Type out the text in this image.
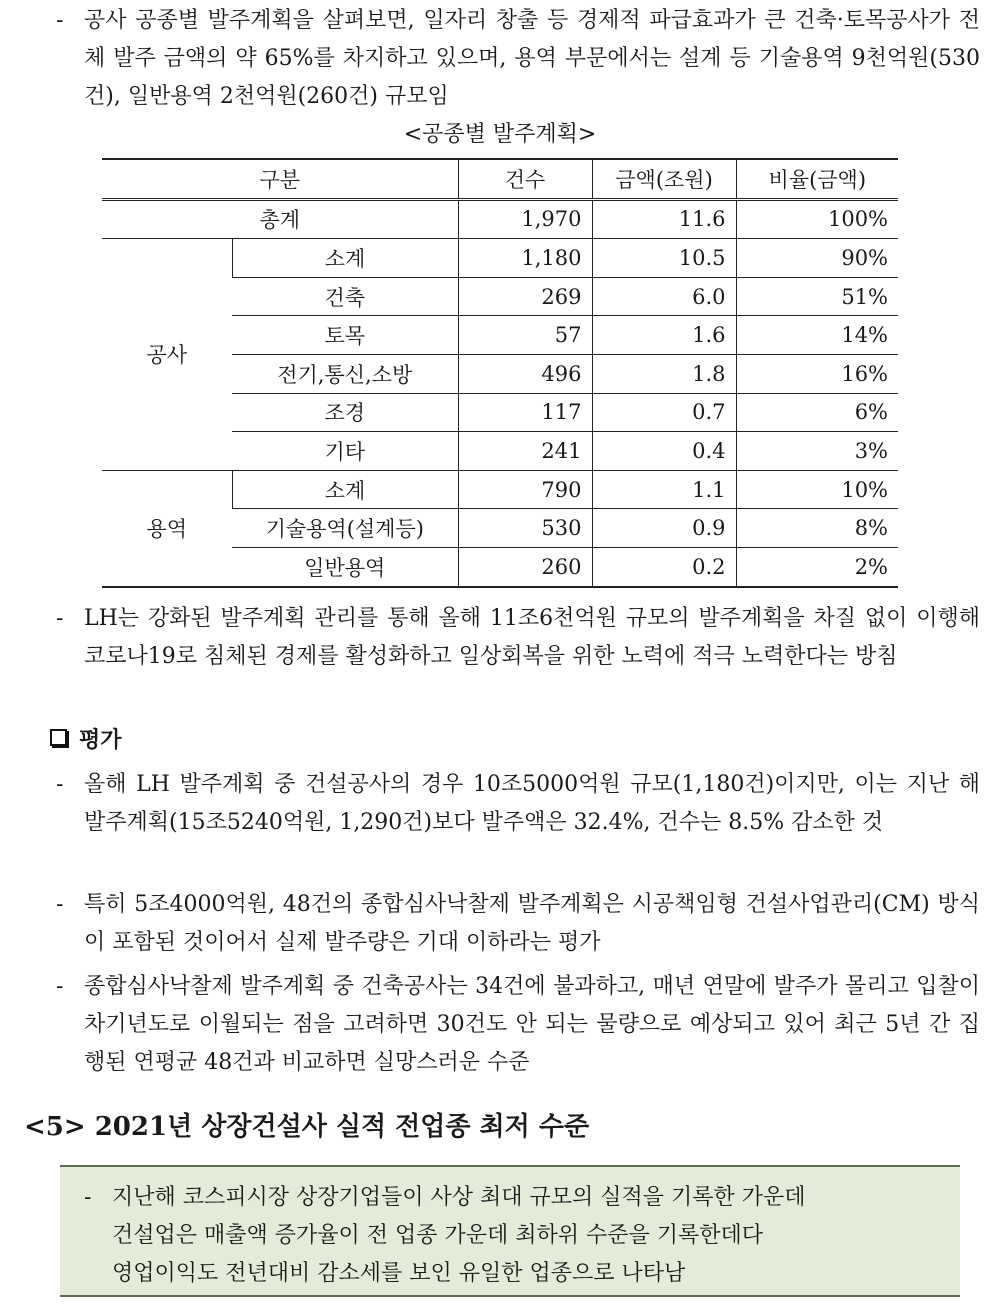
- 공사 공종별 발주계획을 살펴보면, 일자리 창출 등 경제적 파급효과가 큰 건축·토목공사가 전체 발주 금액의 약 65%를 차지하고 있으며, 용역 부문에서는 설계 등 기술용역 9천억원(530건), 일반용역 2천억원(260건) 규모임
<공종별 발주계획>
구분		건수	금액(조원)	비율(금액)
총계		1,970	11.6	100%
공사	소계	1,180	10.5	90%
	건축	269	6.0	51%
	토목	57	1.6	14%
	전기,통신,소방	496	1.8	16%
	조경	117	0.7	6%
	기타	241	0.4	3%
용역	소계	790	1.1	10%
	기술용역(설계등)	530	0.9	8%
	일반용역	260	0.2	2%
- LH는 강화된 발주계획 관리를 통해 올해 11조6천억원 규모의 발주계획을 차질 없이 이행해 코로나19로 침체된 경제를 활성화하고 일상회복을 위한 노력에 적극 노력한다는 방침
평가
- 올해 LH 발주계획 중 건설공사의 경우 10조5000억원 규모(1,180건)이지만, 이는 지난 해 발주계획(15조5240억원, 1,290건)보다 발주액은 32.4%, 건수는 8.5% 감소한 것
- 특히 5조4000억원, 48건의 종합심사낙찰제 발주계획은 시공책임형 건설사업관리(CM) 방식이 포함된 것이어서 실제 발주량은 기대 이하라는 평가
- 종합심사낙찰제 발주계획 중 건축공사는 34건에 불과하고, 매년 연말에 발주가 몰리고 입찰이 차기년도로 이월되는 점을 고려하면 30건도 안 되는 물량으로 예상되고 있어 최근 5년 간 집행된 연평균 48건과 비교하면 실망스러운 수준
<5> 2021년 상장건설사 실적 전업종 최저 수준
- 지난해 코스피시장 상장기업들이 사상 최대 규모의 실적을 기록한 가운데
건설업은 매출액 증가율이 전 업종 가운데 최하위 수준을 기록한데다
영업이익도 전년대비 감소세를 보인 유일한 업종으로 나타남
